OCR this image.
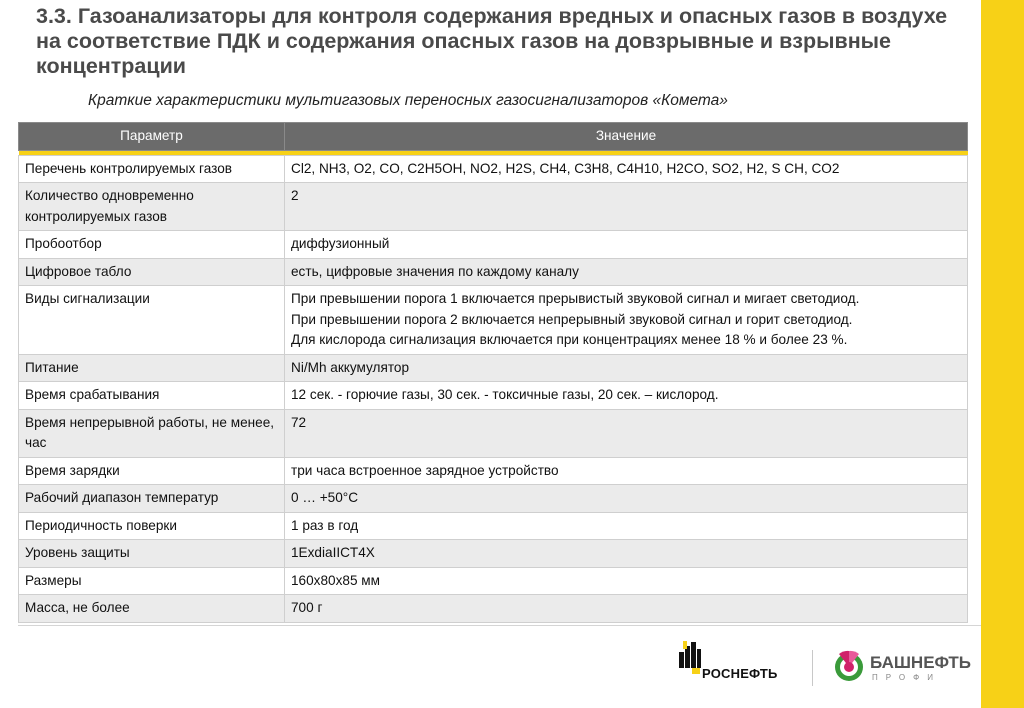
3.3. Газоанализаторы для контроля содержания вредных и опасных газов в воздухе на соответствие ПДК и содержания опасных газов на довзрывные и взрывные концентрации
Краткие характеристики мультигазовых переносных газосигнализаторов «Комета»
Параметр	Значение

Перечень контролируемых газов	Cl2, NH3, O2, CO, C2H5OH, NO2, H2S, CH4, C3H8, C4H10, H2CO, SO2, H2, S CH, CO2
Количество одновременно контролируемых газов	2
Пробоотбор	диффузионный
Цифровое табло	есть, цифровые значения по каждому каналу
Виды сигнализации	При превышении порога 1 включается прерывистый звуковой сигнал и мигает светодиод.
При превышении порога 2 включается непрерывный звуковой сигнал и горит светодиод.
Для кислорода сигнализация включается при концентрациях менее 18 % и более 23 %.

Питание	Ni/Mh аккумулятор
Время срабатывания	12 сек. - горючие газы, 30 сек. - токсичные газы, 20 сек. – кислород.
Время непрерывной работы, не менее, час	72
Время зарядки	три часа встроенное зарядное устройство
Рабочий диапазон температур	0 … +50°С
Периодичность поверки	1 раз в год
Уровень защиты	1ExdiaIICT4X
Размеры	160x80x85 мм
Масса, не более	700 г
РОСНЕФТЬ
БАШНЕФТЬ
ПРОФИ
